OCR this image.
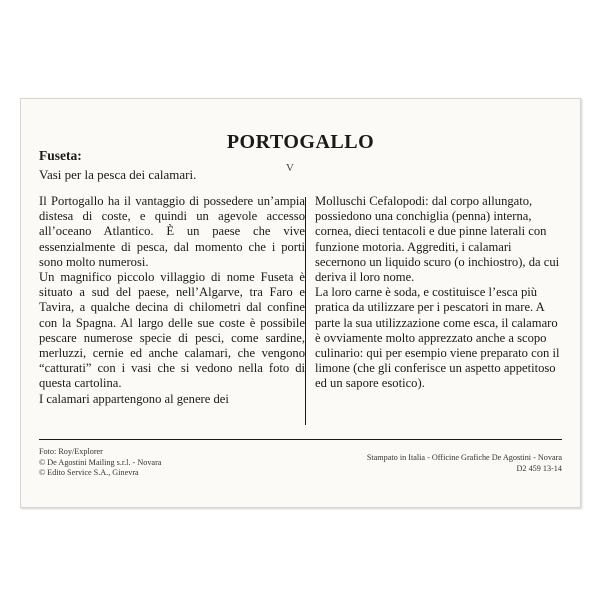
PORTOGALLO
Fuseta:
Vasi per la pesca dei calamari.	V

Il Portogallo ha il vantaggio di possedere un’ampia distesa di coste, e quindi un agevole accesso all’oceano Atlantico. È un paese che vive essenzialmente di pesca, dal momento che i porti sono molto numerosi.

Un magnifico piccolo villaggio di nome Fuseta è situato a sud del paese, nell’Algarve, tra Faro e Tavira, a qualche decina di chilometri dal confine con la Spagna. Al largo delle sue coste è possibile pescare numerose specie di pesci, come sardine, merluzzi, cernie ed anche calamari, che vengono “catturati” con i vasi che si vedono nella foto di questa cartolina.

I calamari appartengono al genere dei

Molluschi Cefalopodi: dal corpo allungato, possiedono una conchiglia (penna) interna, cornea, dieci tentacoli e due pinne laterali con funzione motoria. Aggrediti, i calamari secernono un liquido scuro (o inchiostro), da cui deriva il loro nome.

La loro carne è soda, e costituisce l’esca più pratica da utilizzare per i pescatori in mare. A parte la sua utilizzazione come esca, il calamaro è ovviamente molto apprezzato anche a scopo culinario: qui per esempio viene preparato con il limone (che gli conferisce un aspetto appetitoso ed un sapore esotico).

Foto: Roy/Explorer
© De Agostini Mailing s.r.l. - Novara
© Edito Service S.A., Ginevra
Stampato in Italia - Officine Grafiche De Agostini - Novara
D2 459 13-14
